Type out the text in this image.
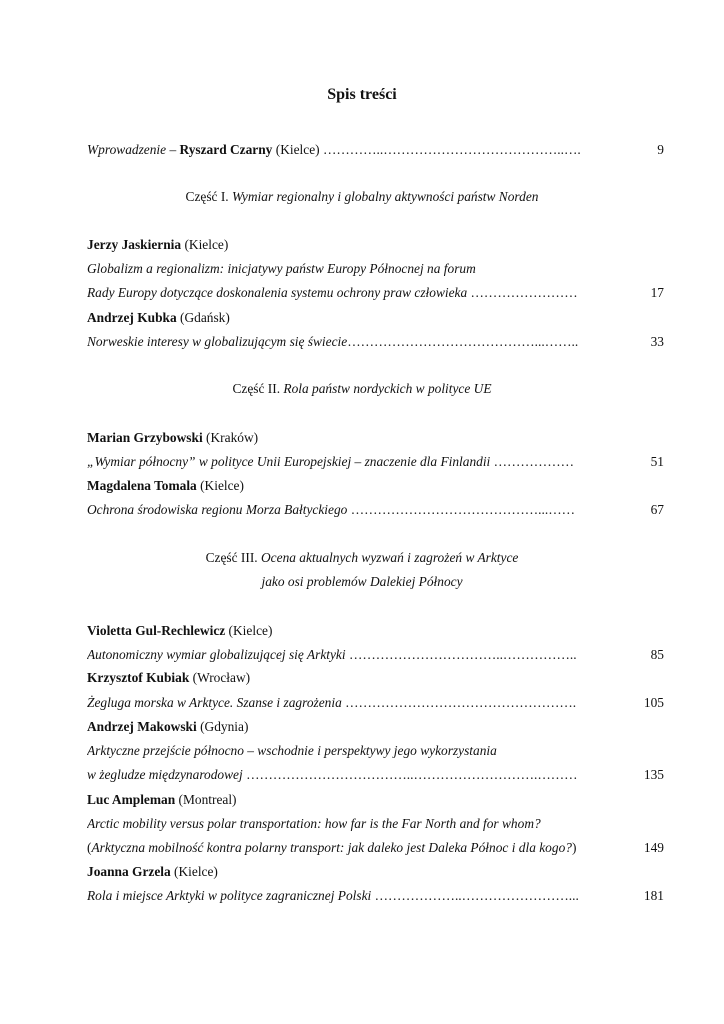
Spis treści
Wprowadzenie – Ryszard Czarny (Kielce) …………..…………………………………..….	9
Część I. Wymiar regionalny i globalny aktywności państw Norden
Jerzy Jaskiernia (Kielce)
Globalizm a regionalizm: inicjatywy państw Europy Północnej na forum
Rady Europy dotyczące doskonalenia systemu ochrony praw człowieka ……………………	17
Andrzej Kubka (Gdańsk)
Norweskie interesy w globalizującym się świecie……………………………………...……..	33
Część II. Rola państw nordyckich w polityce UE
Marian Grzybowski (Kraków)
„Wymiar północny” w polityce Unii Europejskiej – znaczenie dla Finlandii ………………	51
Magdalena Tomala (Kielce)
Ochrona środowiska regionu Morza Bałtyckiego ……………………………………...……	67
Część III. Ocena aktualnych wyzwań i zagrożeń w Arktyce
jako osi problemów Dalekiej Północy
Violetta Gul-Rechlewicz (Kielce)
Autonomiczny wymiar globalizującej się Arktyki ……………………………..……………..	85
Krzysztof Kubiak (Wrocław)
Żegluga morska w Arktyce. Szanse i zagrożenia …………………………………………….	105
Andrzej Makowski (Gdynia)
Arktyczne przejście północno – wschodnie i perspektywy jego wykorzystania
w żegludze międzynarodowej ………………………………..……………………….………	135
Luc Ampleman (Montreal)
Arctic mobility versus polar transportation: how far is the Far North and for whom?
(Arktyczna mobilność kontra polarny transport: jak daleko jest Daleka Północ i dla kogo?)	149
Joanna Grzela (Kielce)
Rola i miejsce Arktyki w polityce zagranicznej Polski ………………..……………………...	181
